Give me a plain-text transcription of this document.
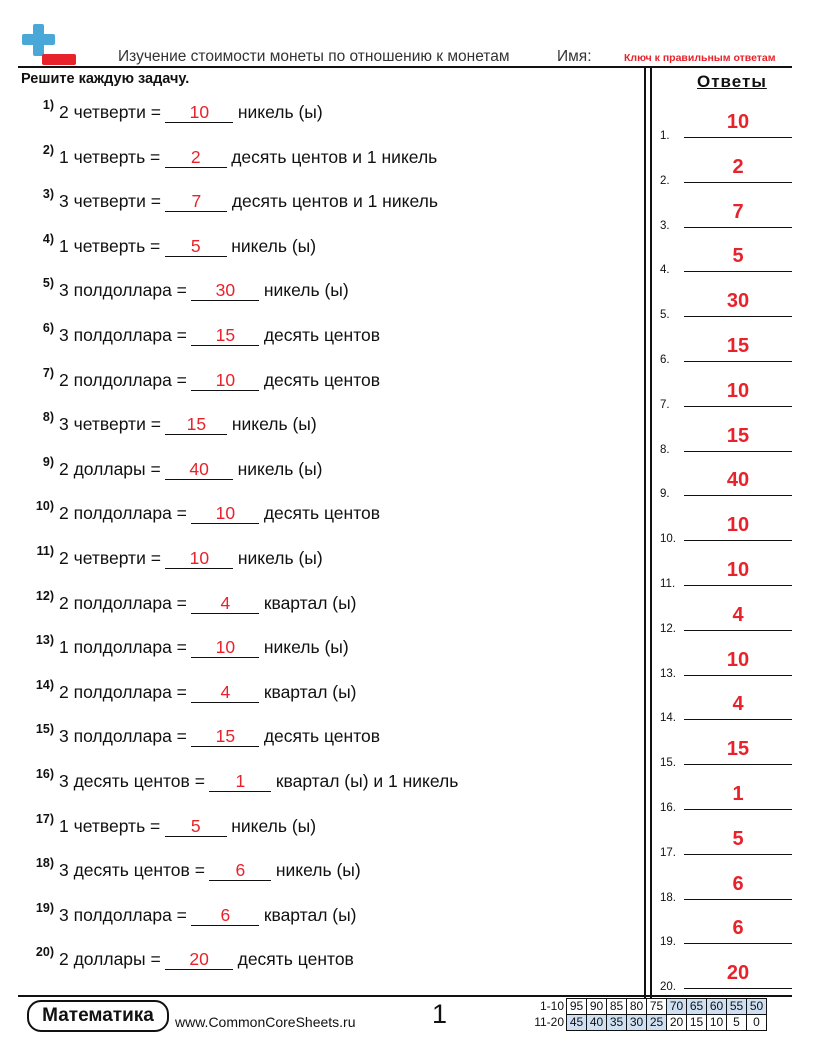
Изучение стоимости монеты по отношению к монетам	Имя:	Ключ к правильным ответам
Решите каждую задачу.
1) 2 четверти = 10 никель (ы)
2) 1 четверть = 2 десять центов и 1 никель
3) 3 четверти = 7 десять центов и 1 никель
4) 1 четверть = 5 никель (ы)
5) 3 полдоллара = 30 никель (ы)
6) 3 полдоллара = 15 десять центов
7) 2 полдоллара = 10 десять центов
8) 3 четверти = 15 никель (ы)
9) 2 доллары = 40 никель (ы)
10) 2 полдоллара = 10 десять центов
11) 2 четверти = 10 никель (ы)
12) 2 полдоллара = 4 квартал (ы)
13) 1 полдоллара = 10 никель (ы)
14) 2 полдоллара = 4 квартал (ы)
15) 3 полдоллара = 15 десять центов
16) 3 десять центов = 1 квартал (ы) и 1 никель
17) 1 четверть = 5 никель (ы)
18) 3 десять центов = 6 никель (ы)
19) 3 полдоллара = 6 квартал (ы)
20) 2 доллары = 20 десять центов
Ответы
1.
10
2.
2
3.
7
4.
5
5.
30
6.
15
7.
10
8.
15
9.
40
10.
10
11.
10
12.
4
13.
10
14.
4
15.
15
16.
1
17.
5
18.
6
19.
6
20.
20
Математика	www.CommonCoreSheets.ru	1	1-10	95	90	85	80	75	70	65	60	55	50
11-20	45	40	35	30	25	20	15	10	5	0
